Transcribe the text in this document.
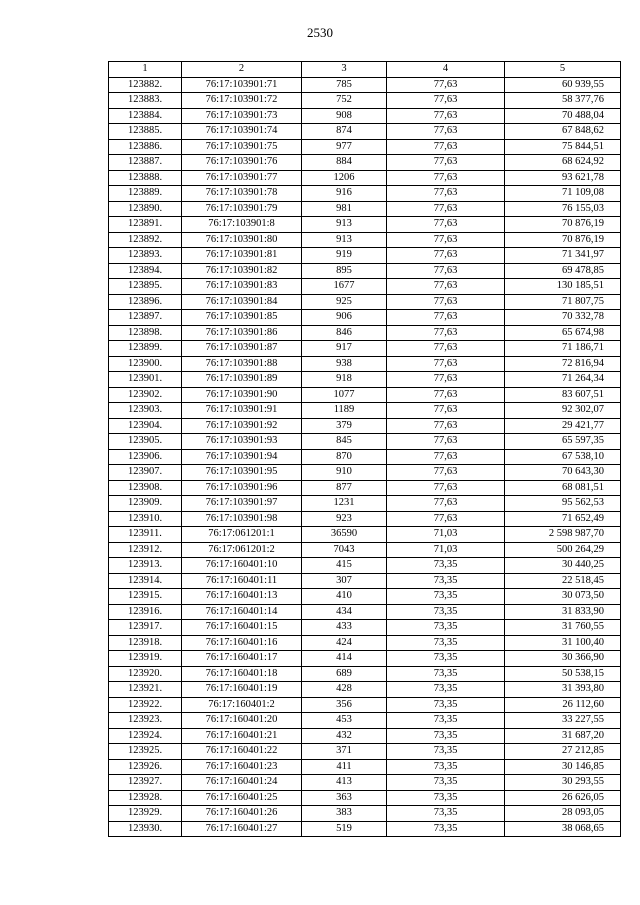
2530
1	2	3	4	5
123882.	76:17:103901:71	785	77,63	60 939,55
123883.	76:17:103901:72	752	77,63	58 377,76
123884.	76:17:103901:73	908	77,63	70 488,04
123885.	76:17:103901:74	874	77,63	67 848,62
123886.	76:17:103901:75	977	77,63	75 844,51
123887.	76:17:103901:76	884	77,63	68 624,92
123888.	76:17:103901:77	1206	77,63	93 621,78
123889.	76:17:103901:78	916	77,63	71 109,08
123890.	76:17:103901:79	981	77,63	76 155,03
123891.	76:17:103901:8	913	77,63	70 876,19
123892.	76:17:103901:80	913	77,63	70 876,19
123893.	76:17:103901:81	919	77,63	71 341,97
123894.	76:17:103901:82	895	77,63	69 478,85
123895.	76:17:103901:83	1677	77,63	130 185,51
123896.	76:17:103901:84	925	77,63	71 807,75
123897.	76:17:103901:85	906	77,63	70 332,78
123898.	76:17:103901:86	846	77,63	65 674,98
123899.	76:17:103901:87	917	77,63	71 186,71
123900.	76:17:103901:88	938	77,63	72 816,94
123901.	76:17:103901:89	918	77,63	71 264,34
123902.	76:17:103901:90	1077	77,63	83 607,51
123903.	76:17:103901:91	1189	77,63	92 302,07
123904.	76:17:103901:92	379	77,63	29 421,77
123905.	76:17:103901:93	845	77,63	65 597,35
123906.	76:17:103901:94	870	77,63	67 538,10
123907.	76:17:103901:95	910	77,63	70 643,30
123908.	76:17:103901:96	877	77,63	68 081,51
123909.	76:17:103901:97	1231	77,63	95 562,53
123910.	76:17:103901:98	923	77,63	71 652,49
123911.	76:17:061201:1	36590	71,03	2 598 987,70
123912.	76:17:061201:2	7043	71,03	500 264,29
123913.	76:17:160401:10	415	73,35	30 440,25
123914.	76:17:160401:11	307	73,35	22 518,45
123915.	76:17:160401:13	410	73,35	30 073,50
123916.	76:17:160401:14	434	73,35	31 833,90
123917.	76:17:160401:15	433	73,35	31 760,55
123918.	76:17:160401:16	424	73,35	31 100,40
123919.	76:17:160401:17	414	73,35	30 366,90
123920.	76:17:160401:18	689	73,35	50 538,15
123921.	76:17:160401:19	428	73,35	31 393,80
123922.	76:17:160401:2	356	73,35	26 112,60
123923.	76:17:160401:20	453	73,35	33 227,55
123924.	76:17:160401:21	432	73,35	31 687,20
123925.	76:17:160401:22	371	73,35	27 212,85
123926.	76:17:160401:23	411	73,35	30 146,85
123927.	76:17:160401:24	413	73,35	30 293,55
123928.	76:17:160401:25	363	73,35	26 626,05
123929.	76:17:160401:26	383	73,35	28 093,05
123930.	76:17:160401:27	519	73,35	38 068,65
